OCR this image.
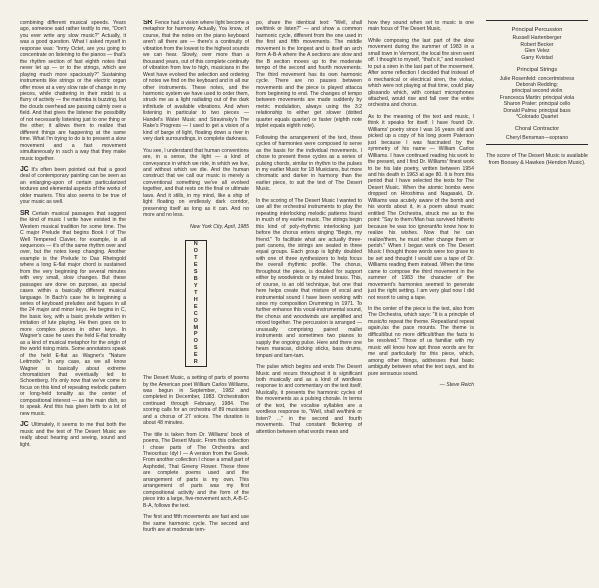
combining different musical speeds. Years ago, someone said rather testily to me, "Don't you ever write any slow music?" Actually, it was a good question. What I asked myself in response was: "Inmy Octet, are you going to concentrate on listening to the pianos — that's the rhythm section of fast eighth notes that never let up — or to the strings, which are playing much more spaciously?" Sustaining instruments like strings or the electric organ offer move at a very slow rate of change in my pieces, while chattering in their midst is a flurry of activity — the marimba is buzzing, but the clouds overhead are passing calmly over a field. And that gives the listener the possibility of not necessarily listening just to one thing or the other; it allows them to realize that different things are happening at the same time. What I'm trying to do is to present a slow movement and a fast movement simultaneously in such a way that they make music together.

JC It's often been pointed out that a good deal of contemporary painting can be seen as an enlarging-upon of certain particularized textures and elemental aspects of the works of older masters. This also seems to be true of your music as well.

SR Certain musical passages that suggest the kind of music I write have existed in the Western musical tradition for some time. The C major Prelude that begins Book I of The Well Tempered Clavier, for example, is all sequences — it's of the same rhythm over and over, but the notes keep changing. Another example is the Prelude to Das Rheingold where a long E-flat major chord is sustained from the very beginning for several minutes with very small, slow changes. But these passages are done on purpose, as special cases within a basically different musical language. In Bach's case he is beginning a series of keyboard preludes and fugues in all the 24 major and minor keys. He begins in C, the basic key, with a basic prelude written in imitation of lute playing. He then goes on to more complex pieces in other keys. In Wagner's case he uses the held E-flat tonality as a kind of musical metaphor for the origin of the world rising mists. Some annotators speak of the held E-flat as Wagner's "Nature Leitmotiv." In any case, as we all know Wagner is basically about extreme chromaticism that eventually led to Schoenberg. It's only now that we've come to focus on this kind of repeating melodic pattern or long-held tonality as the center of compositional interest — as the main dish, so to speak. And this has given birth to a lot of new music.

JC Ultimately, it seems to me that both the music and the text of The Desert Music are really about hearing and seeing, sound and light.

SR Fence had a vision where light become a metaphor for harmony. Actually, You know, of course, that the notes on the piano keyboard aren't all there are — there's a continuity of vibration from the lowest to the highest sounds we can hear. Slowly, over more than a thousand years, out of this complete continuity of vibration from low to high, musicians in the West have evolved the selection and ordering of notes we find on the keyboard and in all our other instruments. These notes, and the harmonic system we have used to order them, struck me as a light radiating out of the dark infinitude of available vibrations. And when listening in particular to two pieces — Handel's Water Music and Stravinsky's The Rake's Progress — I used to get a vision of a kind of barge of light, floating down a river in very dark surroundings, in complete darkness.

You see, I understand that human conventions are, in a sense, the light — a kind of conveyance in which we ride, in which we live, and without which we die. And the human construct that we call our music is merely a conventional something we've all evolved together, and that rests on the final or ultimate laws. And it stills, in my mind, like a ship of light floating on endlessly dark corridor, preserving itself as long as it can. And no more and no less.

New York City, April, 1985

N
O
T
E
S
B
Y
T
H
E
C
O
M
P
O
S
E
R

The Desert Music, a setting of parts of poems by the American poet William Carlos Williams, was begun in September, 1982 and completed in December, 1983. Orchestration continued through February, 1984. The scoring calls for an orchestra of 89 musicians and a chorus of 27 voices. The duration is about 48 minutes.

The title is taken from Dr. Williams' book of poems, The Desert Music. From this collection I chose parts of The Orchestra and Theocritus: Idyl I — A version from the Greek. From another collection I chose a small part of Asphodel, That Greeny Flower. These three are complete poems used and the arrangement of parts is my own. This arrangement of parts was my first compositional activity and the form of the piece into a large, five-movement arch, A-B-C-B-A, follows the text.

The first and fifth movements are fast and use the same harmonic cycle. The second and fourth are at moderate tem-

po, share the identical text: "Well, shall we/think or listen?" — and show a common harmonic cycle, different from the one used in the first and fifth movements. The middle movement is the longest and is itself an arch form A-B-A where the A sections are slow and the B section moves up to the moderate tempo of the second and fourth movements. The third movement has its own harmonic cycle. There are no pauses between movements and the piece is played attacca from beginning to end. The changes of tempo between movements are made suddenly by metric modulation, always using the 3:2 relationship to either get slower (dotted quarter equals quarter) or faster (eighth note triplet equals eighth note).

Following the arrangement of the text, three cycles of harmonies were composed to serve as the basis for the individual movements. I chose to present these cycles as a series of pulsing chords, similar in rhythm to the pulses in my earlier Music for 18 Musicians, but more chromatic and darker in harmony than the earlier piece, to suit the text of The Desert Music.

In the scoring of The Desert Music I wanted to use all the orchestral instruments to play the repeating interlocking melodic patterns found in much of my earlier music. The strings begin this kind of poly-rhythmic interlocking just before the chorus enters singing "Begin, my friend." To facilitate what are actually three-part canons, the strings are seated in three equal groups. Each group is lightly doubled with one of three synthesizers to help focus the overall rhythmic profile. The chorus, throughout the piece, is doubled for support either by woodwinds or by muted brass. This, of course, is an old technique, but one that here helps create that mixture of vocal and instrumental sound I have been working with since my composition Drumming in 1971. To further enhance this vocal-instrumental sound, the chorus and woodwinds are amplified and mixed together. The percussion is arranged — unusually comprising paired mallet instruments and sometimes two pianos to supply the ongoing pulse. Here and there one hears maracas, clicking sticks, bass drums, timpani and tam-tam.

The pulse which begins and ends The Desert Music and recurs throughout it is significant both musically and as a kind of wordless response to and commentary on the text itself. Musically, it presents the harmonic cycles of the movements as a pulsing chorale. In terms of the text, the vocalise syllables are a wordless response to, "Well, shall we/think or listen? ..." in the second and fourth movements. That constant flickering of attention between what words mean and

how they sound when set to music is one main focus of The Desert Music.

While composing the last part of the slow movement during the summer of 1983 in a small town in Vermont, the local fire siren went off. I thought to myself, "that's it," and resolved to put a siren in the last part of the movement. After some reflection I decided that instead of a mechanical or electrical siren, the violas, which were not playing at that time, could play glissando which, with contact microphones attached, would rise and fall over the entire orchestra and chorus.

As to the meaning of the text and music, I think it speaks for itself. I have found Dr. Williams' poetry since I was 16 years old and picked up a copy of his long poem Paterson just because I was fascinated by the symmetry of his name — William Carlos Williams. I have continued reading his work to the present, and I find Dr. Williams' finest work to be his late poetry, written between 1954 and his death in 1963 at age 80. It is from this period that I have selected the texts for The Desert Music. When the atomic bombs were dropped on Hiroshima and Nagasaki, Dr. Williams was acutely aware of the bomb and his words about it, in a poem about music entitled The Orchestra, struck me as to the point: "Say to them:/Man has survived hitherto because he was too ignorant/to know how to realize his wishes. Now that he can realize/them, he must either change them or perish." When I began work on The Desert Music I thought those words were too grave to be set and thought I would use a tape of Dr. Williams reading them instead. When the time came to compose the third movement in the summer of 1983 the character of the movement's harmonies seemed to generate just the right setting. I am very glad now I did not resort to using a tape.

In the center of the piece is the text, also from The Orchestra, which says: "It is a principle of music/to repeat the theme. Repeat/and repeat again,/as the pace mounts. The theme is difficult/but no more difficult/than the facts to be resolved." Those of us familiar with my music will know how apt those words are for me and particularly for this piece, which, among other things, addresses that basic ambiguity between what the text says, and its pure sensuous sound.

— Steve Reich

Principal Percussion
Russell Hartenberger
Robert Becker
Glen Velez
Garry Kvistad
Principal Strings
Julie Rosenfeld: concertmistress
Deborah Redding:
principal second violin
Francesca Martin: principal viola
Sharon Prater: principal cello
Donald Palma: principal bass
*Colorado Quartet
Choral Contractor
Cheryl Bensman—soprano
The score of The Desert Music is available from Boosey & Hawkes (Hendon Music).
